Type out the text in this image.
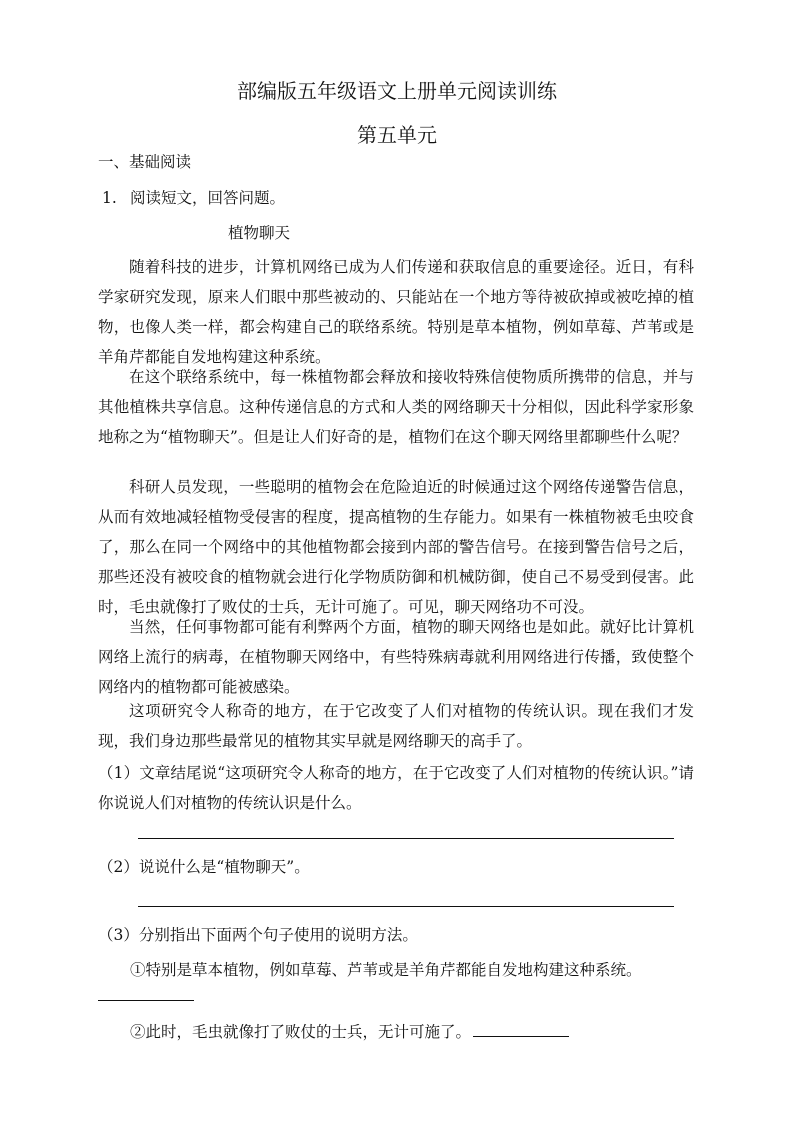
部编版五年级语文上册单元阅读训练
第五单元
一、基础阅读
1. 阅读短文，回答问题。
植物聊天
随着科技的进步，计算机网络已成为人们传递和获取信息的重要途径。近日，有科学家研究发现，原来人们眼中那些被动的、只能站在一个地方等待被砍掉或被吃掉的植物，也像人类一样，都会构建自己的联络系统。特别是草本植物，例如草莓、芦苇或是羊角芹都能自发地构建这种系统。
在这个联络系统中，每一株植物都会释放和接收特殊信使物质所携带的信息，并与其他植株共享信息。这种传递信息的方式和人类的网络聊天十分相似，因此科学家形象地称之为“植物聊天”。但是让人们好奇的是，植物们在这个聊天网络里都聊些什么呢？
科研人员发现，一些聪明的植物会在危险迫近的时候通过这个网络传递警告信息，从而有效地减轻植物受侵害的程度，提高植物的生存能力。如果有一株植物被毛虫咬食了，那么在同一个网络中的其他植物都会接到内部的警告信号。在接到警告信号之后，那些还没有被咬食的植物就会进行化学物质防御和机械防御，使自己不易受到侵害。此时，毛虫就像打了败仗的士兵，无计可施了。可见，聊天网络功不可没。
当然，任何事物都可能有利弊两个方面，植物的聊天网络也是如此。就好比计算机网络上流行的病毒，在植物聊天网络中，有些特殊病毒就利用网络进行传播，致使整个网络内的植物都可能被感染。
这项研究令人称奇的地方，在于它改变了人们对植物的传统认识。现在我们才发现，我们身边那些最常见的植物其实早就是网络聊天的高手了。
（1）文章结尾说“这项研究令人称奇的地方，在于它改变了人们对植物的传统认识。”请你说说人们对植物的传统认识是什么。
（2）说说什么是“植物聊天”。
（3）分别指出下面两个句子使用的说明方法。
①特别是草本植物，例如草莓、芦苇或是羊角芹都能自发地构建这种系统。
②此时，毛虫就像打了败仗的士兵，无计可施了。
